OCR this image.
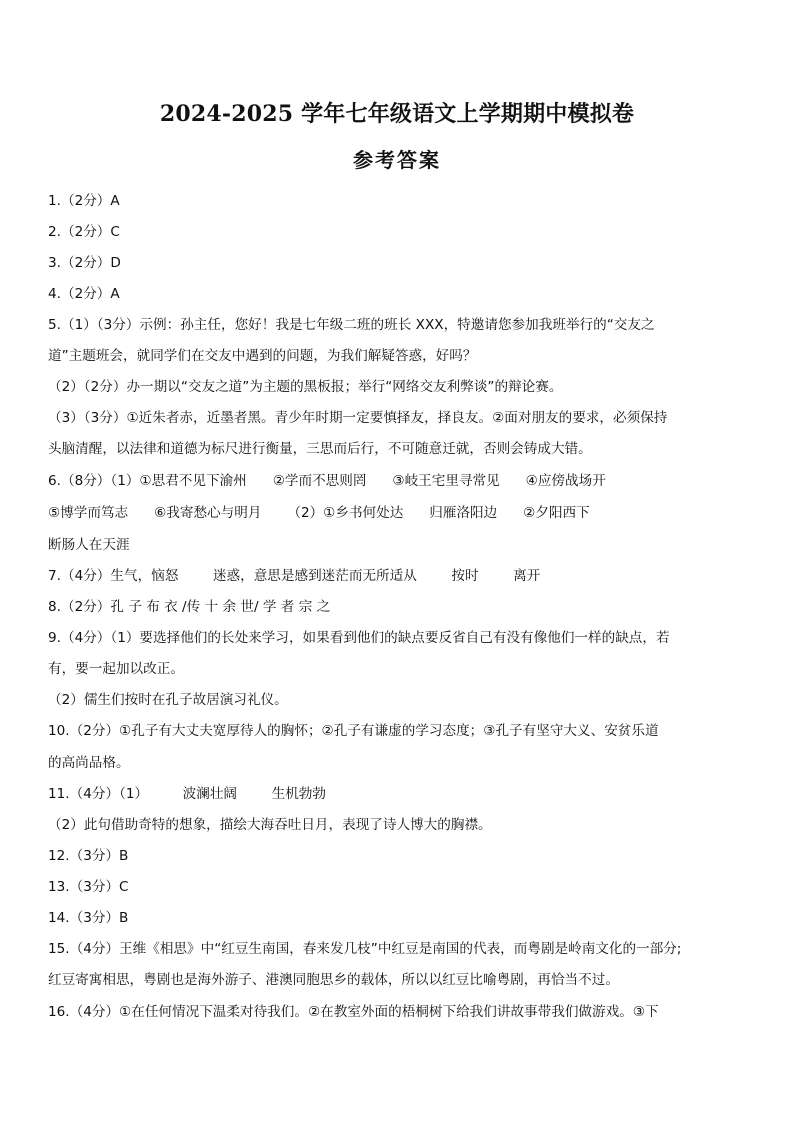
2024-2025 学年七年级语文上学期期中模拟卷
参考答案
1.（2分）A
2.（2分）C
3.（2分）D
4.（2分）A
5.（1）（3分）示例：孙主任，您好！我是七年级二班的班长 XXX，特邀请您参加我班举行的“交友之
道”主题班会，就同学们在交友中遇到的问题，为我们解疑答惑，好吗？
（2）（2分）办一期以“交友之道”为主题的黑板报；举行“网络交友利弊谈”的辩论赛。
（3）（3分）①近朱者赤，近墨者黑。青少年时期一定要慎择友，择良友。②面对朋友的要求，必须保持
头脑清醒，以法律和道德为标尺进行衡量，三思而后行，不可随意迁就，否则会铸成大错。
6.（8分）（1）①思君不见下渝州      ②学而不思则罔      ③岐王宅里寻常见      ④应傍战场开
⑤博学而笃志      ⑥我寄愁心与明月      （2）①乡书何处达      归雁洛阳边      ②夕阳西下
断肠人在天涯
7.（4分）生气，恼怒        迷惑，意思是感到迷茫而无所适从        按时        离开
8.（2分）孔 子 布 衣 /传 十 余 世/ 学 者 宗 之
9.（4分）（1）要选择他们的长处来学习，如果看到他们的缺点要反省自己有没有像他们一样的缺点，若
有，要一起加以改正。
（2）儒生们按时在孔子故居演习礼仪。
10.（2分）①孔子有大丈夫宽厚待人的胸怀；②孔子有谦虚的学习态度；③孔子有坚守大义、安贫乐道
的高尚品格。
11.（4分）（1）        波澜壮阔        生机勃勃
（2）此句借助奇特的想象，描绘大海吞吐日月，表现了诗人博大的胸襟。
12.（3分）B
13.（3分）C
14.（3分）B
15.（4分）王维《相思》中“红豆生南国，春来发几枝”中红豆是南国的代表，而粤剧是岭南文化的一部分;
红豆寄寓相思，粤剧也是海外游子、港澳同胞思乡的载体，所以以红豆比喻粤剧，再恰当不过。
16.（4分）①在任何情况下温柔对待我们。②在教室外面的梧桐树下给我们讲故事带我们做游戏。③下
